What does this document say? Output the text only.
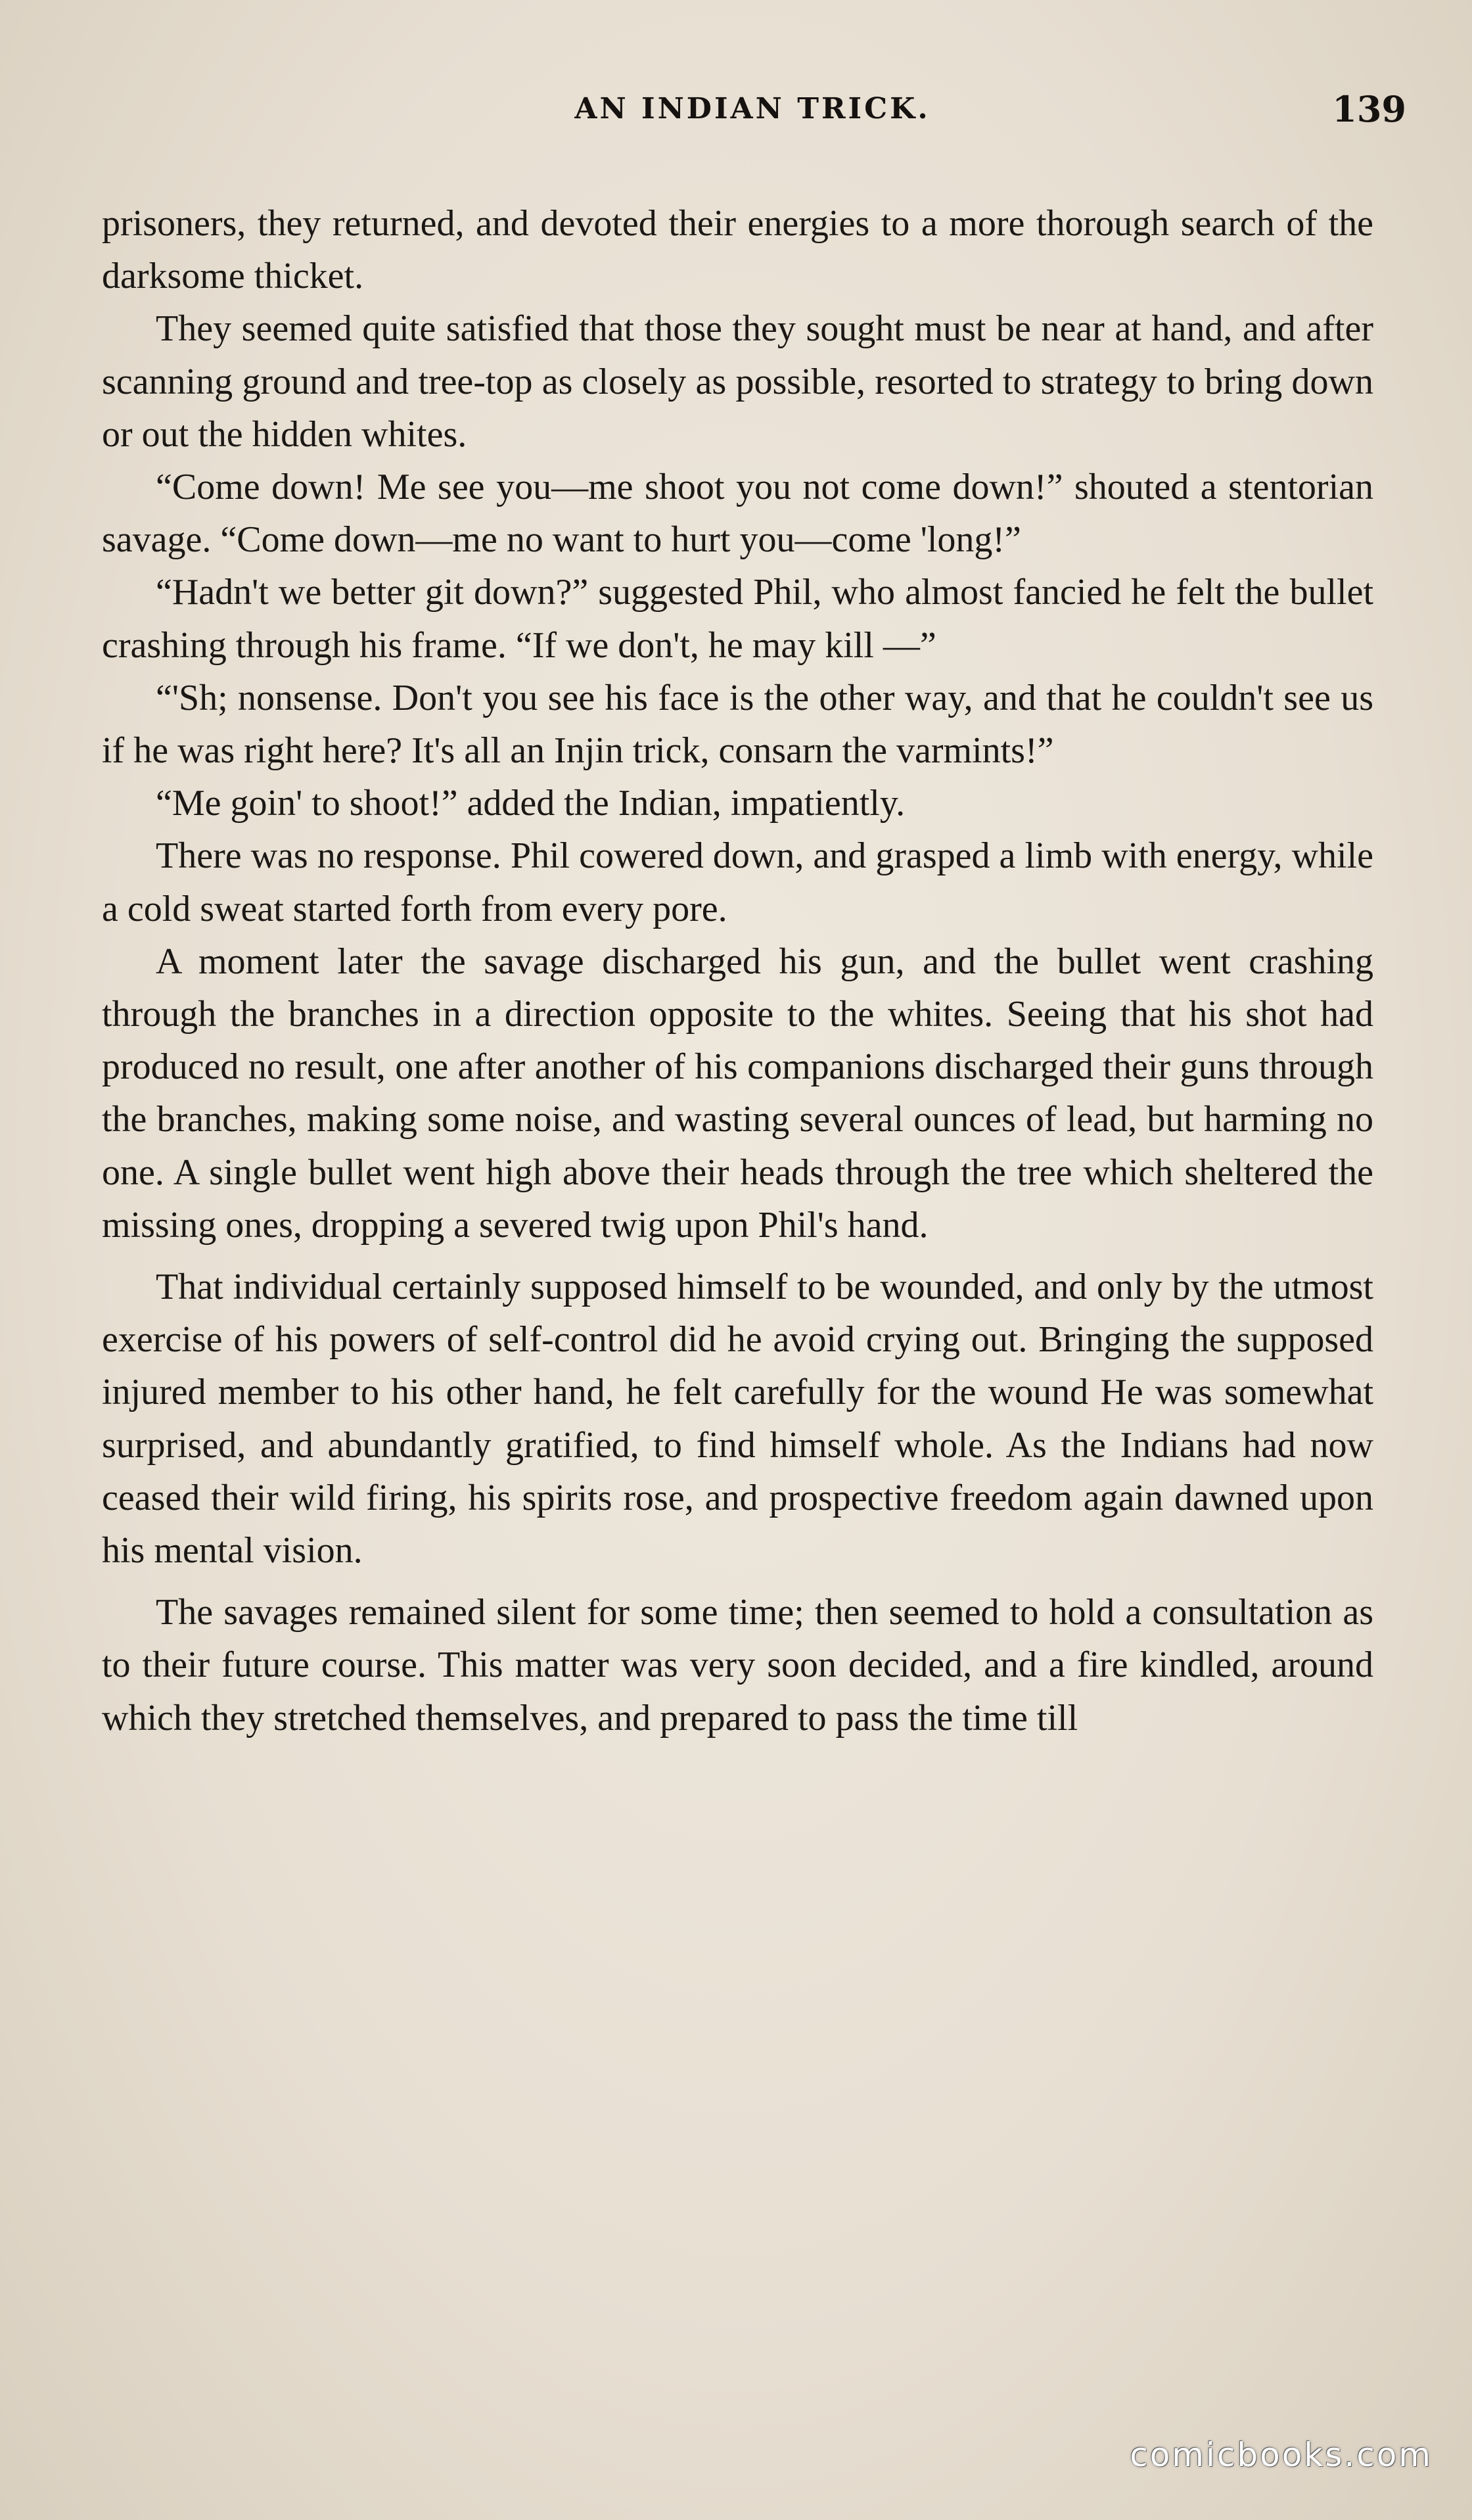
AN INDIAN TRICK.	139

prisoners, they returned, and devoted their energies to a more thorough search of the darksome thicket.

They seemed quite satisfied that those they sought must be near at hand, and after scanning ground and tree-top as closely as possible, resorted to strategy to bring down or out the hidden whites.

“Come down! Me see you—me shoot you not come down!” shouted a stentorian savage. “Come down—me no want to hurt you—come 'long!”

“Hadn't we better git down?” suggested Phil, who almost fancied he felt the bullet crashing through his frame. “If we don't, he may kill —”

“'Sh; nonsense. Don't you see his face is the other way, and that he couldn't see us if he was right here? It's all an Injin trick, consarn the varmints!”

“Me goin' to shoot!” added the Indian, impatiently.

There was no response. Phil cowered down, and grasped a limb with energy, while a cold sweat started forth from every pore.

A moment later the savage discharged his gun, and the bullet went crashing through the branches in a direction opposite to the whites. Seeing that his shot had produced no result, one after another of his companions discharged their guns through the branches, making some noise, and wasting several ounces of lead, but harming no one. A single bullet went high above their heads through the tree which sheltered the missing ones, dropping a severed twig upon Phil's hand.

That individual certainly supposed himself to be wounded, and only by the utmost exercise of his powers of self-control did he avoid crying out. Bringing the supposed injured member to his other hand, he felt carefully for the wound He was somewhat surprised, and abundantly gratified, to find himself whole. As the Indians had now ceased their wild firing, his spirits rose, and prospective freedom again dawned upon his mental vision.

The savages remained silent for some time; then seemed to hold a consultation as to their future course. This matter was very soon decided, and a fire kindled, around which they stretched themselves, and prepared to pass the time till

comicbooks.com
